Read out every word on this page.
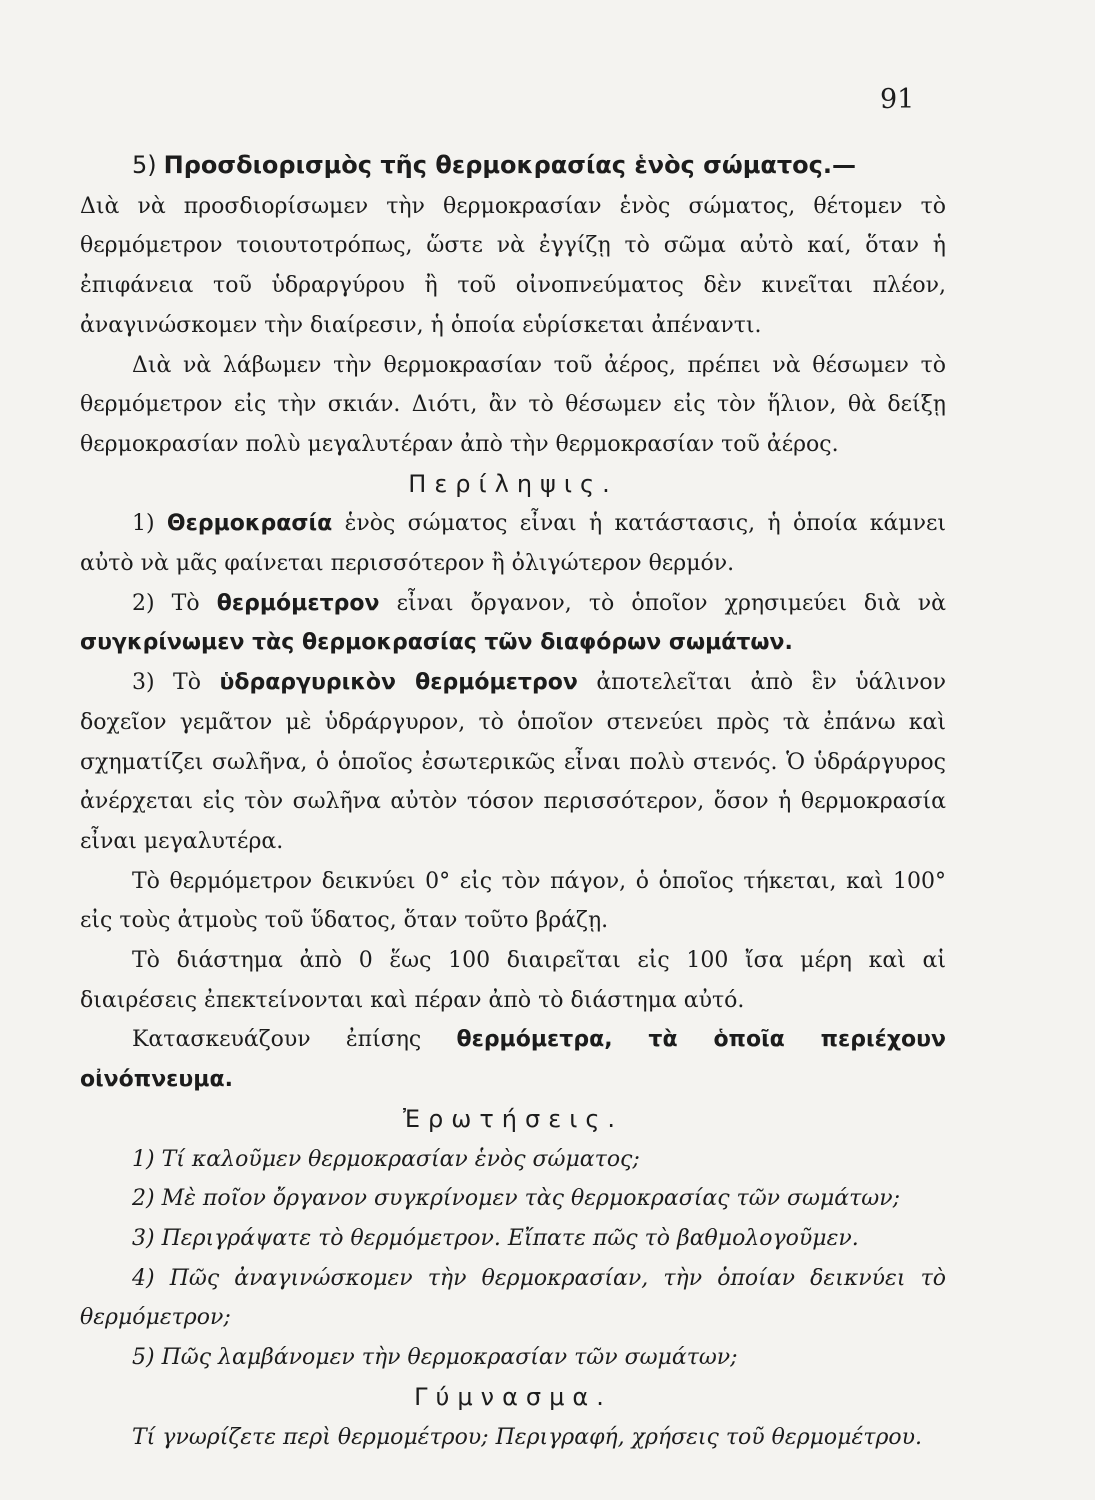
91

5) Προσδιορισμὸς τῆς θερμοκρασίας ἑνὸς σώματος.—

Διὰ νὰ προσδιορίσωμεν τὴν θερμοκρασίαν ἑνὸς σώματος, θέτομεν τὸ θερμόμετρον τοιουτοτρόπως, ὥστε νὰ ἐγγίζῃ τὸ σῶμα αὐτὸ καί, ὅταν ἡ ἐπιφάνεια τοῦ ὑδραργύρου ἢ τοῦ οἰνοπνεύματος δὲν κινεῖται πλέον, ἀναγινώσκομεν τὴν διαίρεσιν, ἡ ὁποία εὑρίσκεται ἀπέναντι.

Διὰ νὰ λάβωμεν τὴν θερμοκρασίαν τοῦ ἀέρος, πρέπει νὰ θέσωμεν τὸ θερμόμετρον εἰς τὴν σκιάν. Διότι, ἂν τὸ θέσωμεν εἰς τὸν ἥλιον, θὰ δείξῃ θερμοκρασίαν πολὺ μεγαλυτέραν ἀπὸ τὴν θερμοκρασίαν τοῦ ἀέρος.

Περίληψις.

1) Θερμοκρασία ἑνὸς σώματος εἶναι ἡ κατάστασις, ἡ ὁποία κάμνει αὐτὸ νὰ μᾶς φαίνεται περισσότερον ἢ ὀλιγώτερον θερμόν.

2) Τὸ θερμόμετρον εἶναι ὄργανον, τὸ ὁποῖον χρησιμεύει διὰ νὰ συγκρίνωμεν τὰς θερμοκρασίας τῶν διαφόρων σωμάτων.

3) Τὸ ὑδραργυρικὸν θερμόμετρον ἀποτελεῖται ἀπὸ ἓν ὑάλινον δοχεῖον γεμᾶτον μὲ ὑδράργυρον, τὸ ὁποῖον στενεύει πρὸς τὰ ἐπάνω καὶ σχηματίζει σωλῆνα, ὁ ὁποῖος ἐσωτερικῶς εἶναι πολὺ στενός. Ὁ ὑδράργυρος ἀνέρχεται εἰς τὸν σωλῆνα αὐτὸν τόσον περισσότερον, ὅσον ἡ θερμοκρασία εἶναι μεγαλυτέρα.

Τὸ θερμόμετρον δεικνύει 0° εἰς τὸν πάγον, ὁ ὁποῖος τήκεται, καὶ 100° εἰς τοὺς ἀτμοὺς τοῦ ὕδατος, ὅταν τοῦτο βράζῃ.

Τὸ διάστημα ἀπὸ 0 ἕως 100 διαιρεῖται εἰς 100 ἴσα μέρη καὶ αἱ διαιρέσεις ἐπεκτείνονται καὶ πέραν ἀπὸ τὸ διάστημα αὐτό.

Κατασκευάζουν ἐπίσης θερμόμετρα, τὰ ὁποῖα περιέχουν οἰνόπνευμα.

Ἐρωτήσεις.

1) Τί καλοῦμεν θερμοκρασίαν ἑνὸς σώματος;

2) Μὲ ποῖον ὄργανον συγκρίνομεν τὰς θερμοκρασίας τῶν σωμάτων;

3) Περιγράψατε τὸ θερμόμετρον. Εἴπατε πῶς τὸ βαθμολογοῦμεν.

4) Πῶς ἀναγινώσκομεν τὴν θερμοκρασίαν, τὴν ὁποίαν δεικνύει τὸ θερμόμετρον;

5) Πῶς λαμβάνομεν τὴν θερμοκρασίαν τῶν σωμάτων;

Γύμνασμα.

Τί γνωρίζετε περὶ θερμομέτρου; Περιγραφή, χρήσεις τοῦ θερμομέτρου.
